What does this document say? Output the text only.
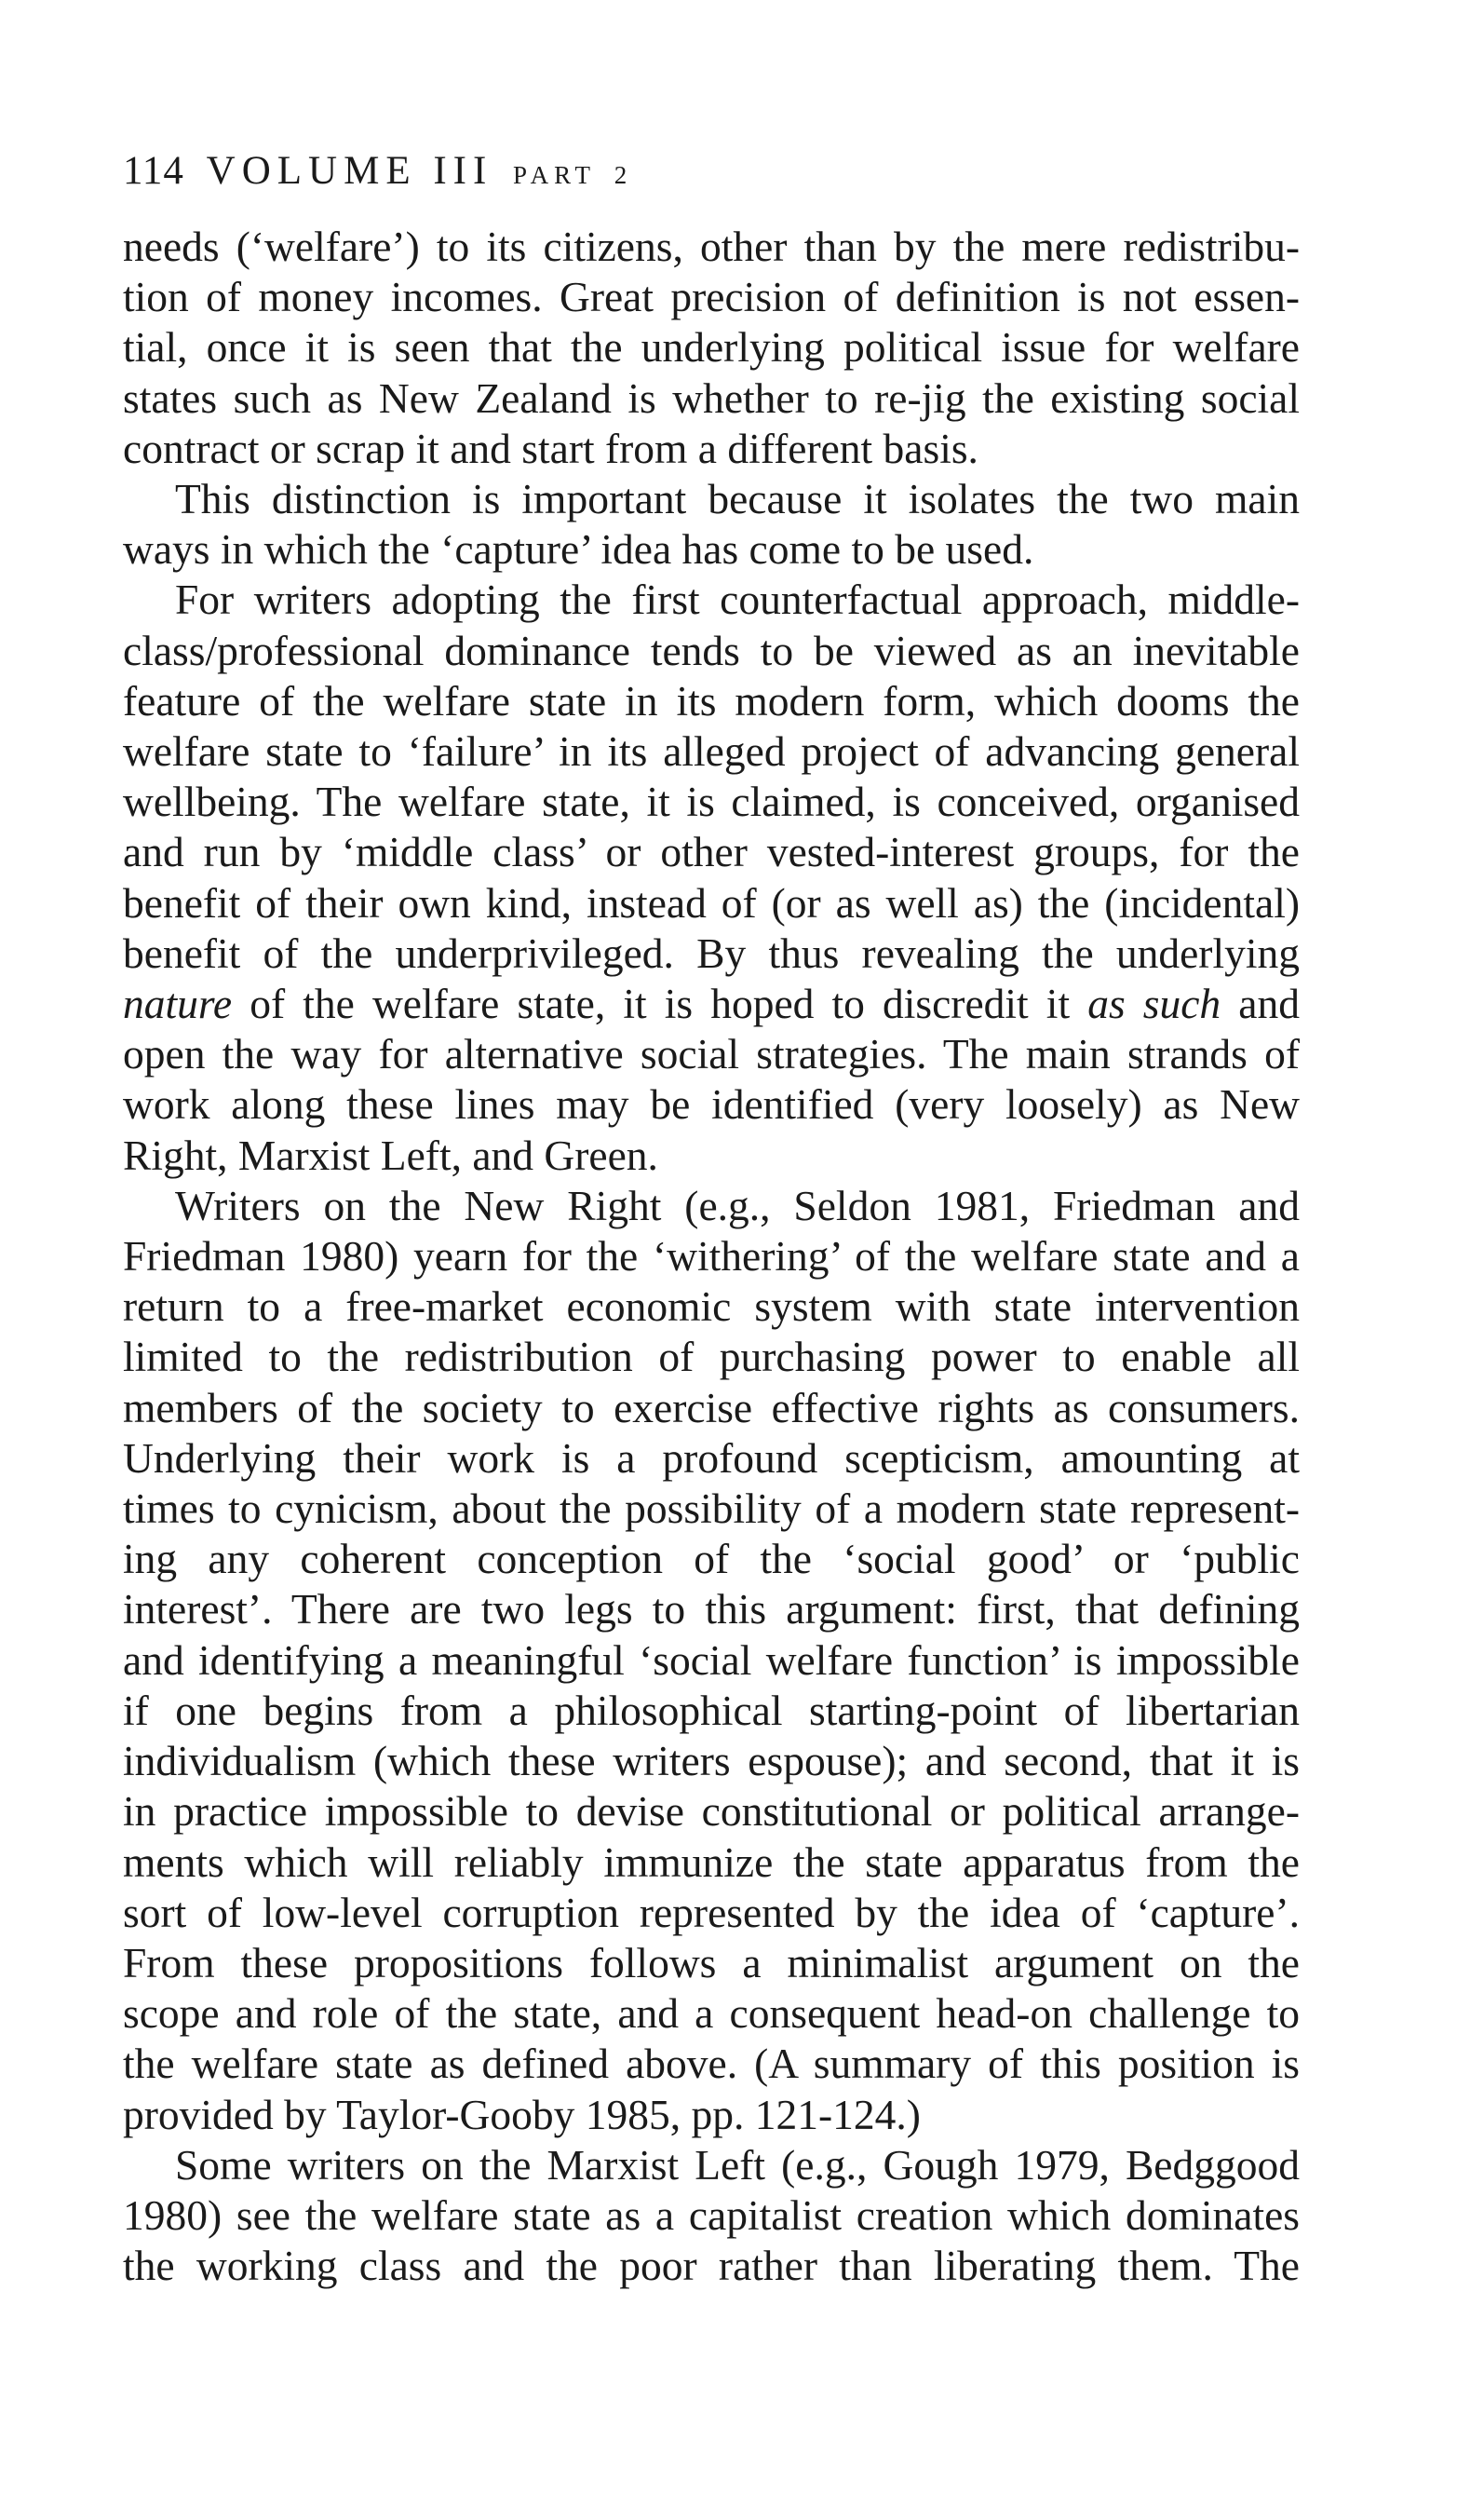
114 VOLUME III PART 2

needs (‘welfare’) to its citizens, other than by the mere redistribu-
tion of money incomes. Great precision of definition is not essen-
tial, once it is seen that the underlying political issue for welfare
states such as New Zealand is whether to re-jig the existing social
contract or scrap it and start from a different basis.

This distinction is important because it isolates the two main
ways in which the ‘capture’ idea has come to be used.

For writers adopting the first counterfactual approach, middle-
class/professional dominance tends to be viewed as an inevitable
feature of the welfare state in its modern form, which dooms the
welfare state to ‘failure’ in its alleged project of advancing general
wellbeing. The welfare state, it is claimed, is conceived, organised
and run by ‘middle class’ or other vested-interest groups, for the
benefit of their own kind, instead of (or as well as) the (incidental)
benefit of the underprivileged. By thus revealing the underlying
nature of the welfare state, it is hoped to discredit it as such and
open the way for alternative social strategies. The main strands of
work along these lines may be identified (very loosely) as New
Right, Marxist Left, and Green.

Writers on the New Right (e.g., Seldon 1981, Friedman and
Friedman 1980) yearn for the ‘withering’ of the welfare state and a
return to a free-market economic system with state intervention
limited to the redistribution of purchasing power to enable all
members of the society to exercise effective rights as consumers.
Underlying their work is a profound scepticism, amounting at
times to cynicism, about the possibility of a modern state represent-
ing any coherent conception of the ‘social good’ or ‘public
interest’. There are two legs to this argument: first, that defining
and identifying a meaningful ‘social welfare function’ is impossible
if one begins from a philosophical starting-point of libertarian
individualism (which these writers espouse); and second, that it is
in practice impossible to devise constitutional or political arrange-
ments which will reliably immunize the state apparatus from the
sort of low-level corruption represented by the idea of ‘capture’.
From these propositions follows a minimalist argument on the
scope and role of the state, and a consequent head-on challenge to
the welfare state as defined above. (A summary of this position is
provided by Taylor-Gooby 1985, pp. 121-124.)

Some writers on the Marxist Left (e.g., Gough 1979, Bedggood
1980) see the welfare state as a capitalist creation which dominates
the working class and the poor rather than liberating them. The
